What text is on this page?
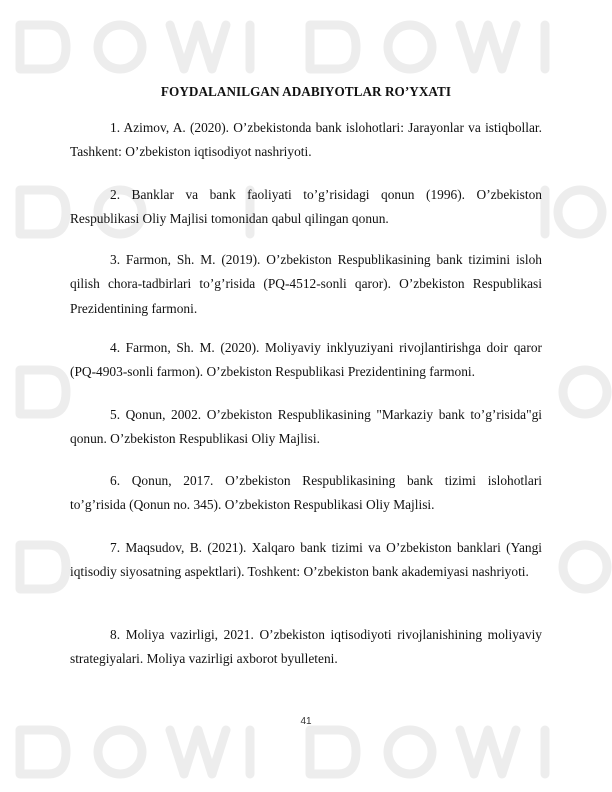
FOYDALANILGAN ADABIYOTLAR RO’YXATI

1. Azimov, A. (2020). O’zbekistonda bank islohotlari: Jarayonlar va istiqbollar. Tashkent: O’zbekiston iqtisodiyot nashriyoti.

2. Banklar va bank faoliyati to’g’risidagi qonun (1996). O’zbekiston Respublikasi Oliy Majlisi tomonidan qabul qilingan qonun.

3. Farmon, Sh. M. (2019). O’zbekiston Respublikasining bank tizimini isloh qilish chora-tadbirlari to’g’risida (PQ-4512-sonli qaror). O’zbekiston Respublikasi Prezidentining farmoni.

4. Farmon, Sh. M. (2020). Moliyaviy inklyuziyani rivojlantirishga doir qaror (PQ-4903-sonli farmon). O’zbekiston Respublikasi Prezidentining farmoni.

5. Qonun, 2002. O’zbekiston Respublikasining "Markaziy bank to’g’risida"gi qonun. O’zbekiston Respublikasi Oliy Majlisi.

6. Qonun, 2017. O’zbekiston Respublikasining bank tizimi islohotlari to’g’risida (Qonun no. 345). O’zbekiston Respublikasi Oliy Majlisi.

7. Maqsudov, B. (2021). Xalqaro bank tizimi va O’zbekiston banklari (Yangi iqtisodiy siyosatning aspektlari). Toshkent: O’zbekiston bank akademiyasi nashriyoti.

8. Moliya vazirligi, 2021. O’zbekiston iqtisodiyoti rivojlanishining moliyaviy strategiyalari. Moliya vazirligi axborot byulleteni.

41
